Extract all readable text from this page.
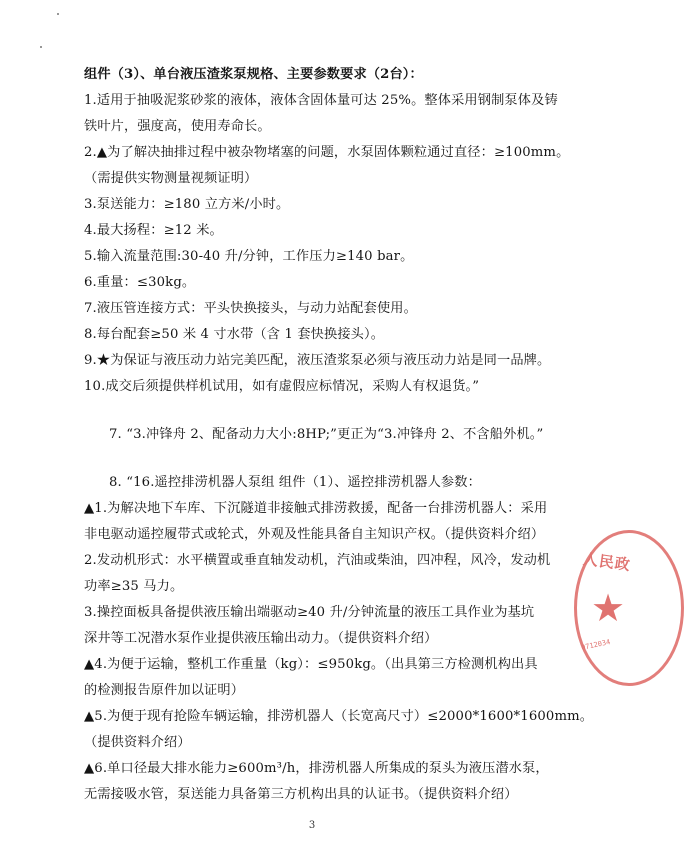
组件（3）、单台液压渣浆泵规格、主要参数要求（2台）：
1.适用于抽吸泥浆砂浆的液体，液体含固体量可达 25%。整体采用钢制泵体及铸
铁叶片，强度高，使用寿命长。
2.▲为了解决抽排过程中被杂物堵塞的问题，水泵固体颗粒通过直径：≥100mm。
（需提供实物测量视频证明）
3.泵送能力：≥180 立方米/小时。
4.最大扬程：≥12 米。
5.输入流量范围:30-40 升/分钟，工作压力≥140 bar。
6.重量：≤30kg。
7.液压管连接方式：平头快换接头，与动力站配套使用。
8.每台配套≥50 米 4 寸水带（含 1 套快换接头）。
9.★为保证与液压动力站完美匹配，液压渣浆泵必须与液压动力站是同一品牌。
10.成交后须提供样机试用，如有虚假应标情况，采购人有权退货。”
7. “3.冲锋舟 2、配备动力大小:8HP;”更正为“3.冲锋舟 2、不含船外机。”
8. “16.遥控排涝机器人泵组 组件（1）、遥控排涝机器人参数：
▲1.为解决地下车库、下沉隧道非接触式排涝救援，配备一台排涝机器人：采用
非电驱动遥控履带式或轮式，外观及性能具备自主知识产权。（提供资料介绍）
2.发动机形式：水平横置或垂直轴发动机，汽油或柴油，四冲程，风冷，发动机
功率≥35 马力。
3.操控面板具备提供液压输出端驱动≥40 升/分钟流量的液压工具作业为基坑
深井等工况潜水泵作业提供液压输出动力。（提供资料介绍）
▲4.为便于运输，整机工作重量（kg）：≤950kg。（出具第三方检测机构出具
的检测报告原件加以证明）
▲5.为便于现有抢险车辆运输，排涝机器人（长宽高尺寸）≤2000*1600*1600mm。
（提供资料介绍）
▲6.单口径最大排水能力≥600m³/h，排涝机器人所集成的泵头为液压潜水泵，
无需接吸水管，泵送能力具备第三方机构出具的认证书。（提供资料介绍）
3
人民政
★
0712034
